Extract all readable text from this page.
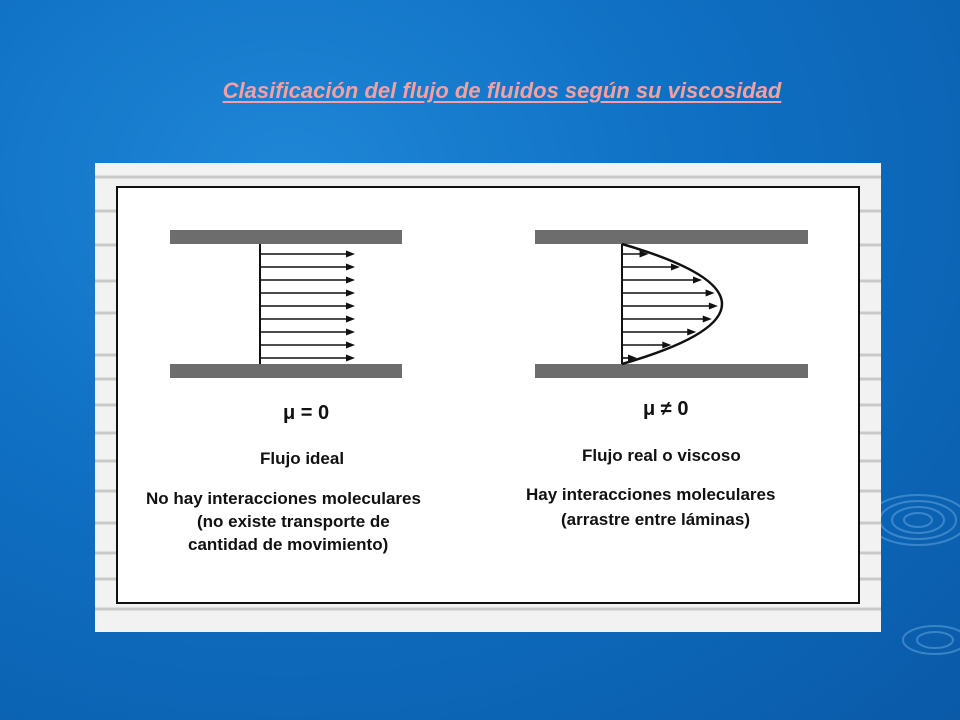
Clasificación del flujo de fluidos según su viscosidad
μ = 0
Flujo ideal
No hay interacciones moleculares
(no existe transporte de
cantidad de movimiento)
μ ≠ 0
Flujo real o viscoso
Hay interacciones moleculares
(arrastre entre láminas)
